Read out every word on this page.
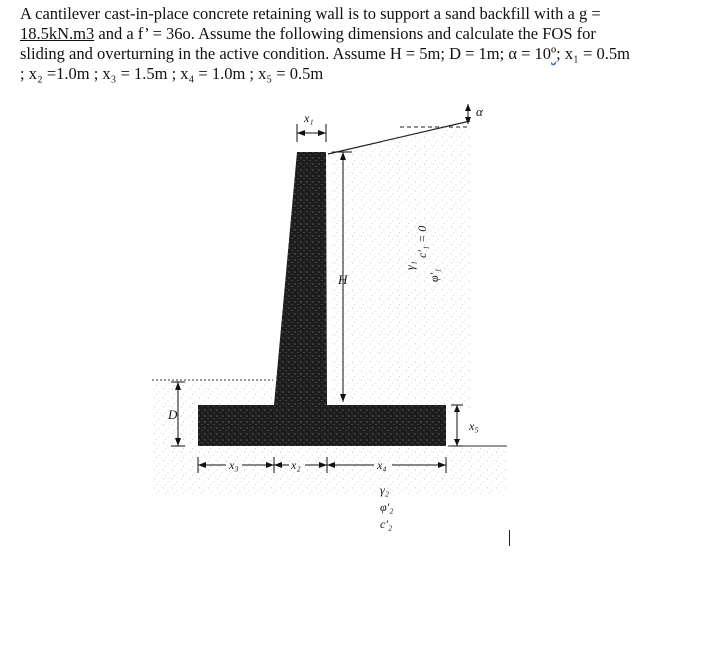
A cantilever cast-in-place concrete retaining wall is to support a sand backfill with a g =
18.5kN.m3 and a f’ = 36o. Assume the following dimensions and calculate the FOS for
sliding and overturning in the active condition. Assume H = 5m; D = 1m; α = 10º; x₁ = 0.5m
; x₂ =1.0m ; x₃ = 1.5m ; x₄ = 1.0m ; x₅ = 0.5m
x₁	α
H
γ₁
c′₁ = 0
φ′₁
D
x₅
x₃	x₂	x₄
γ₂
φ′₂
c′₂
